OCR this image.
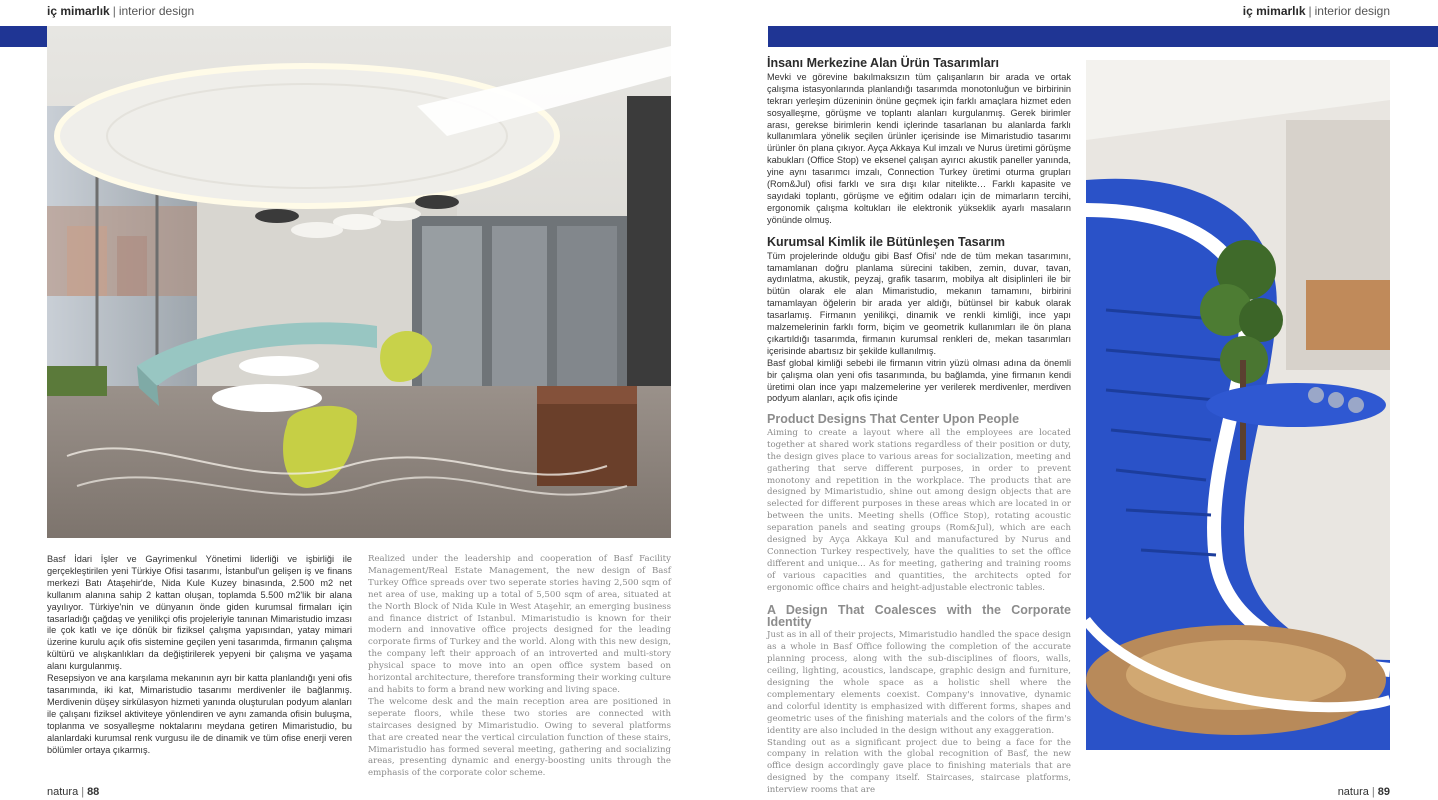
iç mimarlık | interior design	iç mimarlık | interior design

Basf İdari İşler ve Gayrimenkul Yönetimi liderliği ve işbirliği ile gerçekleştirilen yeni Türkiye Ofisi tasarımı, İstanbul'un gelişen iş ve finans merkezi Batı Ataşehir'de, Nida Kule Kuzey binasında, 2.500 m2 net kullanım alanına sahip 2 kattan oluşan, toplamda 5.500 m2'lik bir alana yayılıyor. Türkiye'nin ve dünyanın önde giden kurumsal firmaları için tasarladığı çağdaş ve yenilikçi ofis projeleriyle tanınan Mimaristudio imzası ile çok katlı ve içe dönük bir fiziksel çalışma yapısından, yatay mimari üzerine kurulu açık ofis sistemine geçilen yeni tasarımda, firmanın çalışma kültürü ve alışkanlıkları da değiştirilerek yepyeni bir çalışma ve yaşama alanı kurgulanmış.

Resepsiyon ve ana karşılama mekanının ayrı bir katta planlandığı yeni ofis tasarımında, iki kat, Mimaristudio tasarımı merdivenler ile bağlanmış. Merdivenin düşey sirkülasyon hizmeti yanında oluşturulan podyum alanları ile çalışanı fiziksel aktiviteye yönlendiren ve aynı zamanda ofisin buluşma, toplanma ve sosyalleşme noktalarını meydana getiren Mimaristudio, bu alanlardaki kurumsal renk vurgusu ile de dinamik ve tüm ofise enerji veren bölümler ortaya çıkarmış.

Realized under the leadership and cooperation of Basf Facility Management/Real Estate Management, the new design of Basf Turkey Office spreads over two seperate stories having 2,500 sqm of net area of use, making up a total of 5,500 sqm of area, situated at the North Block of Nida Kule in West Ataşehir, an emerging business and finance district of Istanbul. Mimaristudio is known for their modern and innovative office projects designed for the leading corporate firms of Turkey and the world. Along with this new design, the company left their approach of an introverted and multi-story physical space to move into an open office system based on horizontal architecture, therefore transforming their working culture and habits to form a brand new working and living space.

The welcome desk and the main reception area are positioned in seperate floors, while these two stories are connected with staircases designed by Mimaristudio. Owing to several platforms that are created near the vertical circulation function of these stairs, Mimaristudio has formed several meeting, gathering and socializing areas, presenting dynamic and energy-boosting units through the emphasis of the corporate color scheme.

İnsanı Merkezine Alan Ürün Tasarımları

Mevki ve görevine bakılmaksızın tüm çalışanların bir arada ve ortak çalışma istasyonlarında planlandığı tasarımda monotonluğun ve birbirinin tekrarı yerleşim düzeninin önüne geçmek için farklı amaçlara hizmet eden sosyalleşme, görüşme ve toplantı alanları kurgulanmış. Gerek birimler arası, gerekse birimlerin kendi içlerinde tasarlanan bu alanlarda farklı kullanımlara yönelik seçilen ürünler içerisinde ise Mimaristudio tasarımı ürünler ön plana çıkıyor. Ayça Akkaya Kul imzalı ve Nurus üretimi görüşme kabukları (Office Stop) ve eksenel çalışan ayırıcı akustik paneller yanında, yine aynı tasarımcı imzalı, Connection Turkey üretimi oturma grupları (Rom&Jul) ofisi farklı ve sıra dışı kılar nitelikte… Farklı kapasite ve sayıdaki toplantı, görüşme ve eğitim odaları için de mimarların tercihi, ergonomik çalışma koltukları ile elektronik yükseklik ayarlı masaların yönünde olmuş.

Kurumsal Kimlik ile Bütünleşen Tasarım

Tüm projelerinde olduğu gibi Basf Ofisi' nde de tüm mekan tasarımını, tamamlanan doğru planlama sürecini takiben, zemin, duvar, tavan, aydınlatma, akustik, peyzaj, grafik tasarım, mobilya alt disiplinleri ile bir bütün olarak ele alan Mimaristudio, mekanın tamamını, birbirini tamamlayan öğelerin bir arada yer aldığı, bütünsel bir kabuk olarak tasarlamış. Firmanın yenilikçi, dinamik ve renkli kimliği, ince yapı malzemelerinin farklı form, biçim ve geometrik kullanımları ile ön plana çıkartıldığı tasarımda, firmanın kurumsal renkleri de, mekan tasarımları içerisinde abartısız bir şekilde kullanılmış.

Basf global kimliği sebebi ile firmanın vitrin yüzü olması adına da önemli bir çalışma olan yeni ofis tasarımında, bu bağlamda, yine firmanın kendi üretimi olan ince yapı malzemelerine yer verilerek merdivenler, merdiven podyum alanları, açık ofis içinde

Product Designs That Center Upon People

Aiming to create a layout where all the employees are located together at shared work stations regardless of their position or duty, the design gives place to various areas for socialization, meeting and gathering that serve different purposes, in order to prevent monotony and repetition in the workplace. The products that are designed by Mimaristudio, shine out among design objects that are selected for different purposes in these areas which are located in or between the units. Meeting shells (Office Stop), rotating acoustic separation panels and seating groups (Rom&Jul), which are each designed by Ayça Akkaya Kul and manufactured by Nurus and Connection Turkey respectively, have the qualities to set the office different and unique... As for meeting, gathering and training rooms of various capacities and quantities, the architects opted for ergonomic office chairs and height-adjustable electronic tables.

A Design That Coalesces with the Corporate Identity

Just as in all of their projects, Mimaristudio handled the space design as a whole in Basf Office following the completion of the accurate planning process, along with the sub-disciplines of floors, walls, ceiling, lighting, acoustics, landscape, graphic design and furniture, designing the whole space as a holistic shell where the complementary elements coexist. Company's innovative, dynamic and colorful identity is emphasized with different forms, shapes and geometric uses of the finishing materials and the colors of the firm's identity are also included in the design without any exaggeration.

Standing out as a significant project due to being a face for the company in relation with the global recognition of Basf, the new office design accordingly gave place to finishing materials that are designed by the company itself. Staircases, staircase platforms, interview rooms that are

natura | 88	natura | 89
